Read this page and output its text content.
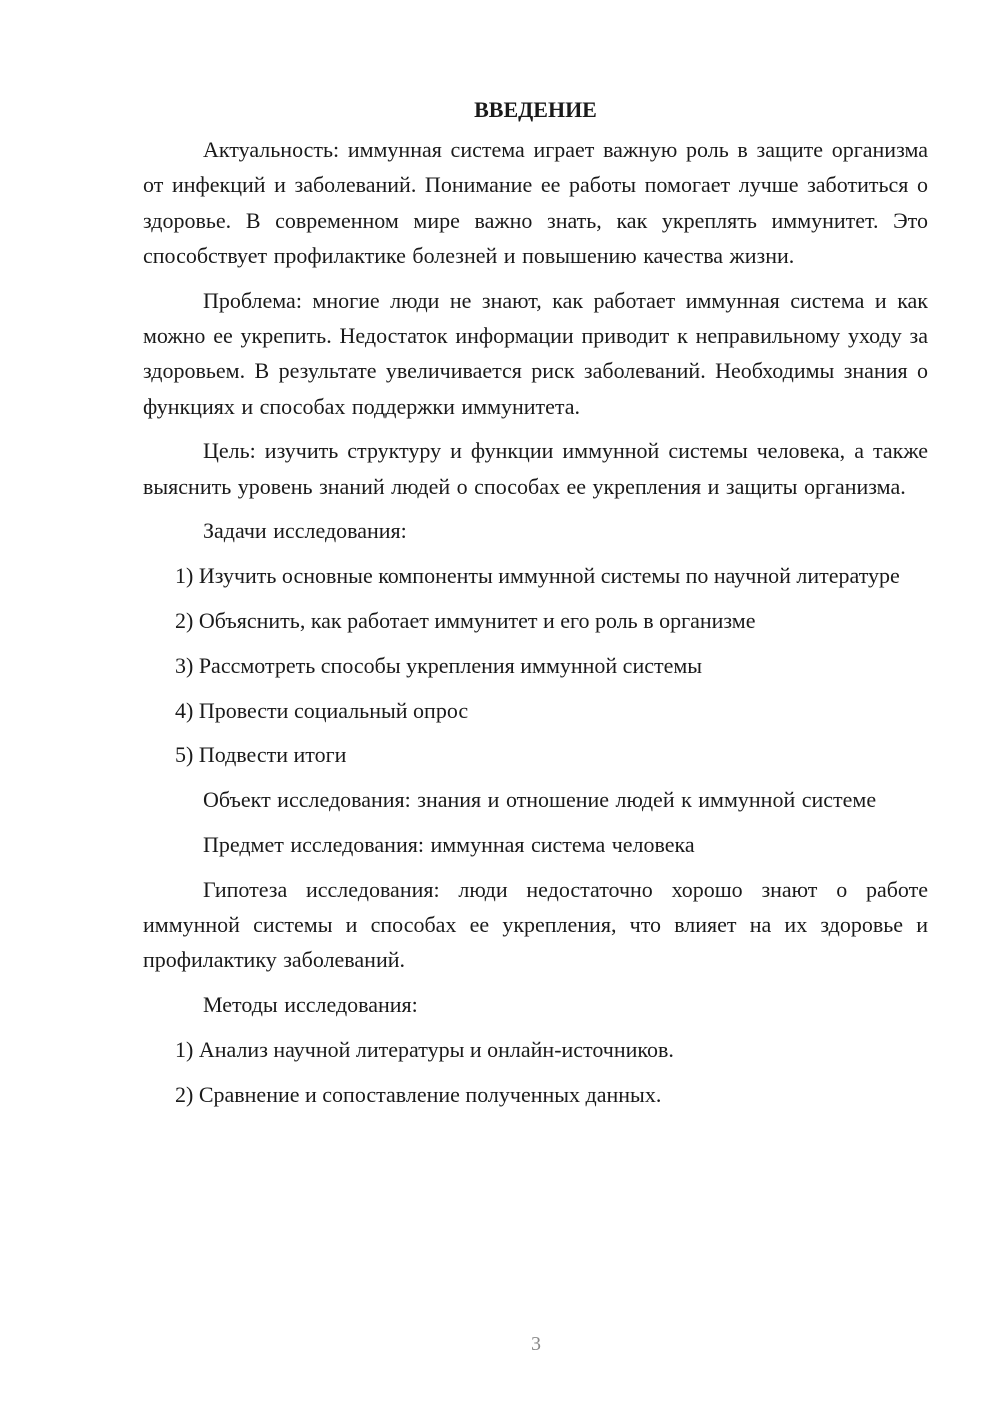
ВВЕДЕНИЕ

Актуальность: иммунная система играет важную роль в защите организма от инфекций и заболеваний. Понимание ее работы помогает лучше заботиться о здоровье. В современном мире важно знать, как укреплять иммунитет. Это способствует профилактике болезней и повышению качества жизни.

Проблема: многие люди не знают, как работает иммунная система и как можно ее укрепить. Недостаток информации приводит к неправильному уходу за здоровьем. В результате увеличивается риск заболеваний. Необходимы знания о функциях и способах поддержки иммунитета.

Цель: изучить структуру и функции иммунной системы человека, а также выяснить уровень знаний людей о способах ее укрепления и защиты организма.

Задачи исследования:

1) Изучить основные компоненты иммунной системы по научной литературе

2) Объяснить, как работает иммунитет и его роль в организме

3) Рассмотреть способы укрепления иммунной системы

4) Провести социальный опрос

5) Подвести итоги

Объект исследования: знания и отношение людей к иммунной системе

Предмет исследования: иммунная система человека

Гипотеза исследования: люди недостаточно хорошо знают о работе иммунной системы и способах ее укрепления, что влияет на их здоровье и профилактику заболеваний.

Методы исследования:

1) Анализ научной литературы и онлайн-источников.

2) Сравнение и сопоставление полученных данных.

3
